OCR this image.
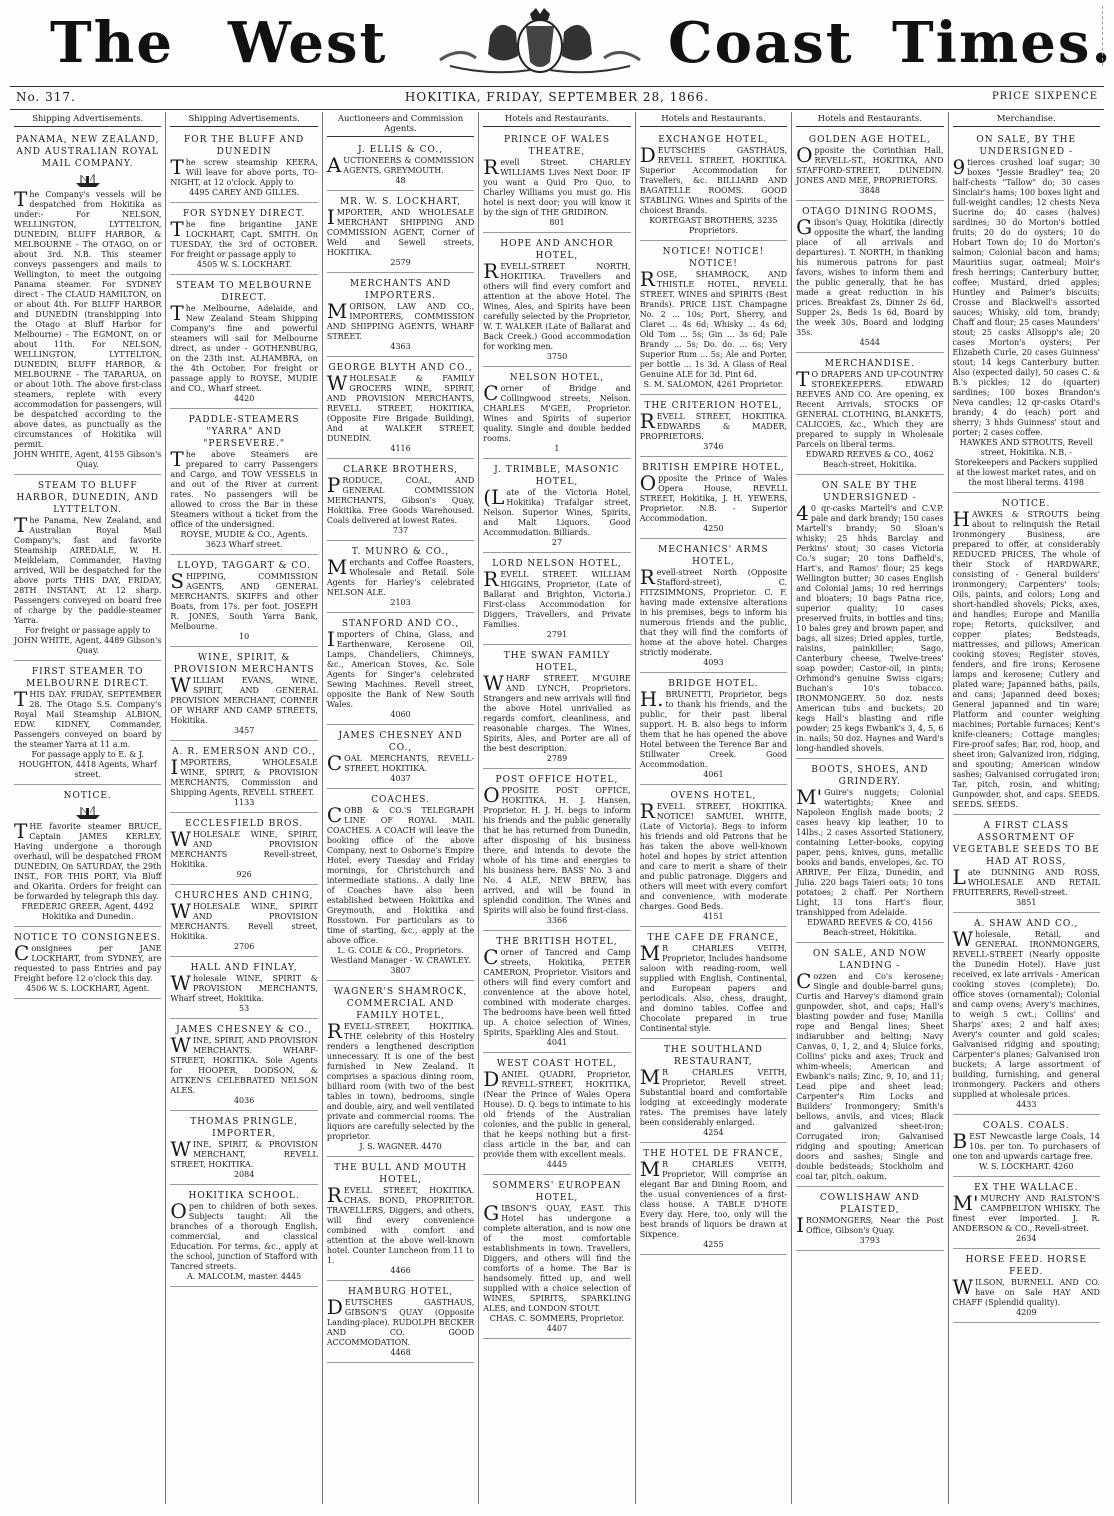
The West	Coast Times.
No. 317.	HOKITIKA, FRIDAY, SEPTEMBER 28, 1866.	PRICE SIXPENCE
Shipping Advertisements.
PANAMA, NEW ZEALAND, AND AUSTRALIAN ROYAL MAIL COMPANY.
The Company's vessels will be despatched from Hokitika as under:- For NELSON, WELLINGTON, LYTTELTON, DUNEDIN, BLUFF HARBOR, & MELBOURNE - The OTAGO, on or about 3rd. N.B. This steamer conveys passengers and mails to Wellington, to meet the outgoing Panama steamer. For SYDNEY direct - The CLAUD HAMILTON, on or about 4th. For BLUFF HARBOR and DUNEDIN (transhipping into the Otago at Bluff Harbor for Melbourne) - The EGMONT, on or about 11th. For NELSON, WELLINGTON, LYTTELTON, DUNEDIN, BLUFF HARBOR, & MELBOURNE - The TARARUA, on or about 10th. The above first-class steamers, replete with every accommodation for passengers, will be despatched according to the above dates, as punctually as the circumstances of Hokitika will permit.
JOHN WHITE, Agent, 4155 Gibson's Quay.
STEAM TO BLUFF HARBOR, DUNEDIN, AND LYTTELTON.
The Panama, New Zealand, and Australian Royal Mail Company's, fast and favorite Steamship AIREDALE, W. H. Meiklelam, Commander, Having arrived, Will be despatched for the above ports THIS DAY, FRIDAY, 28TH INSTANT, At 12 sharp. Passengers conveyed on board free of charge by the paddle-steamer Yarra.
For freight or passage apply to JOHN WHITE, Agent, 4489 Gibson's Quay.
FIRST STEAMER TO MELBOURNE DIRECT.
THIS DAY. FRIDAY, SEPTEMBER 28. The Otago S.S. Company's Royal Mail Steamship ALBION, EDW. KIDNEY, Commander, Passengers conveyed on board by the steamer Yarra at 11 a.m.
For passage apply to E. & J. HOUGHTON, 4418 Agents, Wharf street.
NOTICE.
THE favorite steamer BRUCE, Captain JAMES KERLEY, Having undergone a thorough overhaul, will be despatched FROM DUNEDIN, On SATURDAY, the 29th INST., FOR THIS PORT, Via Bluff and Okarita. Orders for freight can be forwarded by telegraph this day.
FREDERIC GREER, Agent, 4492 Hokitika and Dunedin.
NOTICE TO CONSIGNEES.
Consignees per JANE LOCKHART, from SYDNEY, are requested to pass Entries and pay Freight before 12 o'clock this day.
4506 W. S. LOCKHART, Agent.
Shipping Advertisements.
FOR THE BLUFF AND DUNEDIN
The screw steamship KEERA, Will leave for above ports, TO-NIGHT, at 12 o'clock. Apply to
4495 CAREY AND GILLES.
FOR SYDNEY DIRECT.
The fine brigantine JANE LOCKHART, Capt. SMITH. On TUESDAY, the 3rd of OCTOBER. For freight or passage apply to
4505 W. S. LOCKHART.
STEAM TO MELBOURNE DIRECT.
The Melbourne, Adelaide, and New Zealand Steam Shipping Company's fine and powerful steamers will sail for Melbourne direct, as under - GOTHENBURG, on the 23th inst. ALHAMBRA, on the 4th October. For freight or passage apply to ROYSE, MUDIE and CO., Wharf street.
4420
PADDLE-STEAMERS "YARRA" AND "PERSEVERE."
The above Steamers are prepared to carry Passengers and Cargo, and TOW VESSELS in and out of the River at current rates. No passengers will be allowed to cross the Bar in these Steamers without a ticket from the office of the undersigned.
ROYSE, MUDIE & CO., Agents. 3623 Wharf street.
LLOYD, TAGGART & CO.
SHIPPING, COMMISSION AGENTS, AND GENERAL MERCHANTS. SKIFFS and other Boats, from 17s. per foot. JOSEPH R. JONES, South Yarra Bank, Melbourne.
10
WINE, SPIRIT, & PROVISION MERCHANTS
WILLIAM EVANS, WINE, SPIRIT, AND GENERAL PROVISION MERCHANT, CORNER OF WHARF AND CAMP STREETS, Hokitika.
3457
A. R. EMERSON AND CO.,
IMPORTERS, WHOLESALE WINE, SPIRIT, & PROVISION MERCHANTS, Commission and Shipping Agents, REVELL STREET.
1133
ECCLESFIELD BROS.
WHOLESALE WINE, SPIRIT, AND PROVISION MERCHANTS Revell-street, Hokitika.
926
CHURCHES AND CHING,
WHOLESALE WINE, SPIRIT AND PROVISION MERCHANTS. Revell street, Hokitika.
2706
HALL AND FINLAY,
Wholesale WINE, SPIRIT & PROVISION MERCHANTS, Wharf street, Hokitika.
53
JAMES CHESNEY & CO.,
WINE, SPIRIT, AND PROVISION MERCHANTS. WHARF-STREET, HOKITIKA. Sole Agents for HOOPER, DODSON, & AITKEN'S CELEBRATED NELSON ALES.
4036
THOMAS PRINGLE, IMPORTER,
WINE, SPIRIT, & PROVISION MERCHANT, REVELL STREET, HOKITIKA.
2084
HOKITIKA SCHOOL.
Open to children of both sexes. Subjects taught: All the branches of a thorough English, commercial, and classical Education. For terms, &c., apply at the school, junction of Stafford with Tancred streets.
A. MALCOLM, master. 4445
Auctioneers and Commission Agents.
J. ELLIS & CO.,
AUCTIONEERS & COMMISSION AGENTS, GREYMOUTH.
48
MR. W. S. LOCKHART,
IMPORTER, AND WHOLESALE MERCHANT SHIPPING AND COMMISSION AGENT, Corner of Weld and Sewell streets, HOKITIKA.
2579
MERCHANTS AND IMPORTERS.
MORISON, LAW AND CO., IMPORTERS, COMMISSION AND SHIPPING AGENTS, WHARF STREET.
4363
GEORGE BLYTH AND CO.,
WHOLESALE & FAMILY GROCERS WINE, SPIRIT, AND PROVISION MERCHANTS, REVELL STREET, HOKITIKA, (Opposite Fire Brigade Building), And at WALKER STREET, DUNEDIN.
4116
CLARKE BROTHERS,
PRODUCE, COAL, AND GENERAL COMMISSION MERCHANTS, Gibson's Quay, Hokitika. Free Goods Warehoused. Coals delivered at lowest Rates.
737
T. MUNRO & CO.,
Merchants and Coffee Roasters, Wholesale and Retail. Sole Agents for Harley's celebrated NELSON ALE.
2103
STANFORD AND CO.,
Importers of China, Glass, and Earthenware, Kerosene Oil, Lamps, Chandeliers, Chimneys, &c., American Stoves, &c. Sole Agents for Singer's celebrated Sewing Machines. Revell street, opposite the Bank of New South Wales.
4060
JAMES CHESNEY AND CO.,
COAL MERCHANTS, REVELL-STREET, HOKITIKA.
4037
COACHES.
COBB & CO.'S TELEGRAPH LINE OF ROYAL MAIL COACHES. A COACH will leave the booking office of the above Company, next to Osborne's Empire Hotel, every Tuesday and Friday mornings, for Christchurch and intermediate stations. A daily line of Coaches have also been established between Hokitika and Greymouth, and Hokitika and Rosstown. For particulars as to time of starting, &c., apply at the above office.
L. G. COLE & CO., Proprietors. Westland Manager - W. CRAWLEY. 3807
WAGNER'S SHAMROCK, COMMERCIAL AND FAMILY HOTEL,
REVELL-STREET, HOKITIKA. THE celebrity of this Hostelry renders a lengthened description unnecessary. It is one of the best furnished in New Zealand. It comprises a spacious dining room, billiard room (with two of the best tables in town), bedrooms, single and double, airy, and well ventilated private and commercial rooms. The liquors are carefully selected by the proprietor.
J. S. WAGNER. 4470
THE BULL AND MOUTH HOTEL,
REVELL STREET, HOKITIKA. CHAS. BOND, PROPRIETOR. TRAVELLERS, Diggers, and others, will find every convenience combined with comfort and attention at the above well-known hotel. Counter Luncheon from 11 to 1.
4466
HAMBURG HOTEL,
DEUTSCHES GASTHAUS, GIBSON'S QUAY (Opposite Landing-place). RUDOLPH BECKER AND CO. GOOD ACCOMMODATION.
4468
Hotels and Restaurants.
PRINCE OF WALES THEATRE,
Revell Street. CHARLEY WILLIAMS Lives Next Door. IF you want a Quid Pro Quo, to Charley Williams you must go. His hotel is next door; you will know it by the sign of THE GRIDIRON.
801
HOPE AND ANCHOR HOTEL,
REVELL-STREET NORTH, HOKITIKA. Travellers and others will find every comfort and attention at the above Hotel. The Wines, Ales, and Spirits have been carefully selected by the Proprietor, W. T. WALKER (Late of Ballarat and Back Creek.) Good accommodation for working men.
3750
NELSON HOTEL,
Corner of Bridge and Collingwood streets, Nelson. CHARLES M'GEE, Proprietor. Wines and Spirits of superior quality. Single and double bedded rooms.
1
J. TRIMBLE, MASONIC HOTEL,
(Late of the Victoria Hotel, Hokitika) Trafalgar street, Nelson. Superior Wines, Spirits, and Malt Liquors. Good Accommodation. Billiards.
27
LORD NELSON HOTEL,
REVELL STREET. WILLIAM HIGGINS, Proprietor, (Late of Ballarat and Brighton, Victoria.) First-class Accommodation for Diggers, Travellers, and Private Families.
2791
THE SWAN FAMILY HOTEL,
WHARF STREET. M'GUIRE AND LYNCH, Proprietors. Strangers and new arrivals will find the above Hotel unrivalled as regards comfort, cleanliness, and reasonable charges. The Wines, Spirits, Ales, and Porter are all of the best description.
2789
POST OFFICE HOTEL,
OPPOSITE POST OFFICE, HOKITIKA. H. J. Hansen, Proprietor. H. J. H. begs to inform his friends and the public generally that he has returned from Dunedin, after disposing of his business there, and intends to devote the whole of his time and energies to his business here. BASS' No. 3 and No. 4 ALE, NEW BREW, has arrived, and will be found in splendid condition. The Wines and Spirits will also be found first-class.
3366
THE BRITISH HOTEL,
Corner of Tancred and Camp streets, Hokitika, PETER CAMERON, Proprietor. Visitors and others will find every comfort and convenience at the above hotel, combined with moderate charges. The bedrooms have been well fitted up. A choice selection of Wines, Spirits, Sparkling Ales and Stout.
4041
WEST COAST HOTEL,
DANIEL QUADRI, Proprietor, REVELL-STREET, HOKITIKA, (Near the Prince of Wales Opera House). D. Q. begs to intimate to his old friends of the Australian colonies, and the public in general, that he keeps nothing but a first-class article in the bar, and can provide them with excellent meals.
4445
SOMMERS' EUROPEAN HOTEL,
GIBSON'S QUAY, EAST. This Hotel has undergone a complete alteration, and is now one of the most comfortable establishments in town. Travellers, Diggers, and others will find the comforts of a home. The Bar is handsomely fitted up, and well supplied with a choice selection of WINES, SPIRITS, SPARKLING ALES, and LONDON STOUT.
CHAS. C. SOMMERS, Proprietor. 4407
Hotels and Restaurants.
EXCHANGE HOTEL,
DEUTSCHES GASTHAUS, REVELL STREET, HOKITIKA. Superior Accommodation for Travellers, &c. BILLIARD AND BAGATELLE ROOMS. GOOD STABLING. Wines and Spirits of the choicest Brands.
KORTEGAST BROTHERS, 3235 Proprietors.
NOTICE! NOTICE! NOTICE!
ROSE, SHAMROCK, AND THISTLE HOTEL, REVELL STREET. WINES and SPIRITS (Best Brands). PRICE LIST. Champagne No. 2 ... 10s; Port, Sherry, and Claret ... 4s 6d; Whisky ... 4s 6d; Old Tom ... 5s; Gin ... 3s 6d; Pale Brandy ... 5s; Do. do. ... 6s; Very Superior Rum ... 5s; Ale and Porter, per bottle ... 1s 3d. A Glass of Real Genuine ALE for 3d. Pint 6d.
S. M. SALOMON, 4261 Proprietor.
THE CRITERION HOTEL,
REVELL STREET, HOKITIKA. EDWARDS & MADER, PROPRIETORS.
3746
BRITISH EMPIRE HOTEL,
Opposite the Prince of Wales Opera House, REVELL STREET, Hokitika, J. H. YEWERS, Proprietor. N.B. - Superior Accommodation.
4250
MECHANICS' ARMS HOTEL,
Revell-street North (Opposite Stafford-street), C. FITZSIMMONS, Proprietor. C. F. having made extensive alterations in his premises, begs to inform his numerous friends and the public, that they will find the comforts of home at the above hotel. Charges strictly moderate.
4093
BRIDGE HOTEL.
H.BRUNETTI, Proprietor, begs to thank his friends, and the public, for their past liberal support. H. B. also begs to inform them that he has opened the above Hotel between the Terence Bar and Stillwater Creek. Good Accommodation.
4061
OVENS HOTEL,
REVELL STREET, HOKITIKA. NOTICE! SAMUEL WHITE, (Late of Victoria). Begs to inform his friends and old Patrons that he has taken the above well-known hotel and hopes by strict attention and care to merit a share of their and public patronage. Diggers and others will meet with every comfort and convenience, with moderate charges. Good Beds.
4151
THE CAFE DE FRANCE,
MR CHARLES VEITH, Proprietor, Includes handsome saloon with reading-room, well supplied with English, Continental, and European papers and periodicals. Also, chess, draught, and domino tables. Coffee and Chocolate prepared in true Continental style.
THE SOUTHLAND RESTAURANT,
MR CHARLES VEITH, Proprietor, Revell street. Substantial board and comfortable lodging at exceedingly moderate rates. The premises have lately been considerably enlarged.
4254
THE HOTEL DE FRANCE,
MR CHARLES VEITH, Proprietor, Will comprise an elegant Bar and Dining Room, and the usual conveniences of a first-class house. A TABLE D'HOTE Every day. Here, too, only will the best brands of liquors be drawn at Sixpence.
4255
Hotels and Restaurants.
GOLDEN AGE HOTEL,
Opposite the Corinthian Hall, REVELL-ST., HOKITIKA, AND STAFFORD-STREET, DUNEDIN. JONES AND MEE, PROPRIETORS.
3848
OTAGO DINING ROOMS,
Gibson's Quay, Hokitika (directly opposite the wharf, the landing place of all arrivals and departures). T. NORTH, in thanking his numerous patrons for past favors, wishes to inform them and the public generally, that he has made a great reduction in his prices. Breakfast 2s, Dinner 2s 6d, Supper 2s, Beds 1s 6d, Board by the week 30s, Board and lodging 35s.
4544
MERCHANDISE.
TO DRAPERS AND UP-COUNTRY STOREKEEPERS. EDWARD REEVES AND CO. Are opening, ex Recent Arrivals, STOCKS OF GENERAL CLOTHING, BLANKETS, CALICOES, &c., Which they are prepared to supply in Wholesale Parcels on liberal terms.
EDWARD REEVES & CO., 4062 Beach-street, Hokitika.
ON SALE BY THE UNDERSIGNED -
40 qr-casks Martell's and C.V.P. pale and dark brandy; 150 cases Martell's brandy; 50 Sloan's whisky; 25 hhds Barclay and Perkins' stout; 30 cases Victoria Co.'s sugar; 20 tons Daffield's, Hart's, and Ramos' flour; 25 kegs Wellington butter; 30 cases English and Colonial jams; 10 red herrings and bloaters; 10 bags Patna rice, superior quality; 10 cases preserved fruits, in bottles and tins; 10 bales grey and brown paper, and bags, all sizes; Dried apples, turtle, raisins, painkiller; Sago, Canterbury cheese, Twelve-trees' soap powder; Castor-oil, in pints; Orhmond's genuine Swiss cigars; Buchan's 10's tobacco. IRONMONGERY. 50 doz. nests American tubs and buckets; 20 kegs Hall's blasting and rifle powder; 25 kegs Ewbank's 3, 4, 5, 6 in. nails; 50 doz. Haynes and Ward's long-handled shovels.
BOOTS, SHOES, AND GRINDERY.
M'Guire's nuggets; Colonial watertights; Knee and Napoleon English made boots; 2 cases heavy kip leather, 10 to 14lbs.; 2 cases Assorted Stationery, containing Letter-books, copying paper, pens, knives, guns, metallic books and bands, envelopes, &c. TO ARRIVE, Per Eliza, Dunedin, and Julia. 220 bags Taieri oats; 10 tons potatoes; 2 chaff. Per Northern Light, 13 tons Hart's flour, transhipped from Adelaide.
EDWARD REEVES & CO, 4156 Beach-street, Hokitika.
ON SALE, AND NOW LANDING -
Cozzen and Co's kerosene; Single and double-barrel guns; Curtis and Harvey's diamond grain gunpowder, shot, and caps; Hall's blasting powder and fuse; Manilla rope and Bengal lines; Sheet indiarubber and belting; Navy Canvas, 0, 1, 2, and 4; Sluice forks, Collins' picks and axes; Truck and whim-wheels; American and Ewbank's nails; Zinc, 9, 10, and 11; Lead pipe and sheet lead; Carpenter's Rim Locks and Builders' Ironmongery; Smith's bellows, anvils, and vices; Black and galvanized sheet-iron; Corrugated iron; Galvanised ridging and spouting; American doors and sashes; Single and double bedsteads; Stockholm and coal tar, pitch, oakum.
COWLISHAW AND PLAISTED,
IRONMONGERS, Near the Post Office, Gibson's Quay.
3793
Merchandise.
ON SALE, BY THE UNDERSIGNED -
9tierces crushed loaf sugar; 30 boxes "Jessie Bradley" tea; 20 half-chests "Tallow" do; 30 cases Sinclair's hams; 100 boxes light and full-weight candles; 12 chests Neva Sucrine do; 40 cases (halves) sardines; 30 do Morton's bottled fruits; 20 do do oysters; 10 do Hobart Town do; 10 do Morton's salmon; Colonial bacon and hams; Mauritius sugar, oatmeal; Moir's fresh herrings; Canterbury butter, coffee; Mustard, dried apples; Huntley and Palmer's biscuits; Crosse and Blackwell's assorted sauces; Whisky, old tom, brandy; Chaff and flour; 25 cases Maunders' stout; 25 casks Allsopp's ale; 20 cases Morton's oysters; Per Elizabeth Curle, 20 cases Guinness' stout; 14 kegs Canterbury butter. Also (expected daily), 50 cases C. & B.'s pickles; 12 do (quarter) sardines; 100 boxes Brandon's Neva candles; 12 qr-casks Otard's brandy; 4 do (each) port and sherry; 3 hhds Guinness' stout and porter; 2 cases coffee.
HAWKES AND STROUTS, Revell street, Hokitika. N.B. - Storekeepers and Packers supplied at the lowest market rates, and on the most liberal terms. 4198
NOTICE.
HAWKES & STROUTS being about to relinquish the Retail Ironmongery Business, are prepared to offer, at considerably REDUCED PRICES, The whole of their Stock of HARDWARE, consisting of - General builders' ironmongery; Carpenters' tools; Oils, paints, and colors; Long and short-handled shovels; Picks, axes, and handles; Europe and Manilla rope; Retorts, quicksilver, and copper plates; Bedsteads, mattresses, and pillows; American cooking stoves; Register stoves, fenders, and fire irons; Kerosene lamps and kerosene; Cutlery and plated ware; Japanned baths, pails, and cans; Japanned deed boxes; General japanned and tin ware; Platform and counter weighing machines; Portable furnaces; Kent's knife-cleaners; Cottage mangles; Fire-proof safes; Bar, rod, hoop, and sheet iron; Galvanized iron, ridging, and spouting; American window sashes; Galvanised corrugated iron; Tar, pitch, rosin, and whiting; Gunpowder, shot, and caps. SEEDS. SEEDS. SEEDS.
A FIRST CLASS ASSORTMENT OF VEGETABLE SEEDS TO BE HAD AT ROSS,
Late DUNNING AND ROSS, WHOLESALE AND RETAIL FRUITERERS, Revell-street.
3851
A. SHAW AND CO.,
Wholesale, Retail, and GENERAL IRONMONGERS, REVELL-STREET (Nearly opposite the Dunedin Hotel). Have just received, ex late arrivals - American cooking stoves (complete); Do. office stoves (ornamental); Colonial and camp ovens; Avery's machines, to weigh 5 cwt.; Collins' and Sharps' axes; 2 and half axes; Avery's counter and gold scales; Galvanised ridging and spouting; Carpenter's planes; Galvanised iron buckets; A large assortment of building, furnishing, and general ironmongery. Packers and others supplied at wholesale prices.
4433
COALS. COALS.
BEST Newcastle large Coals, 14 10s. per ton. To purchasers of one ton and upwards cartage free.
W. S. LOCKHART. 4260
EX THE WALLACE.
M'MURCHY AND RALSTON'S CAMPBELTON WHISKY. The finest ever imported. J. R. ANDERSON & CO., Revell-street.
2634
HORSE FEED. HORSE FEED.
WILSON, BURNELL AND CO. have on Sale HAY AND CHAFF (Splendid quality).
4209
